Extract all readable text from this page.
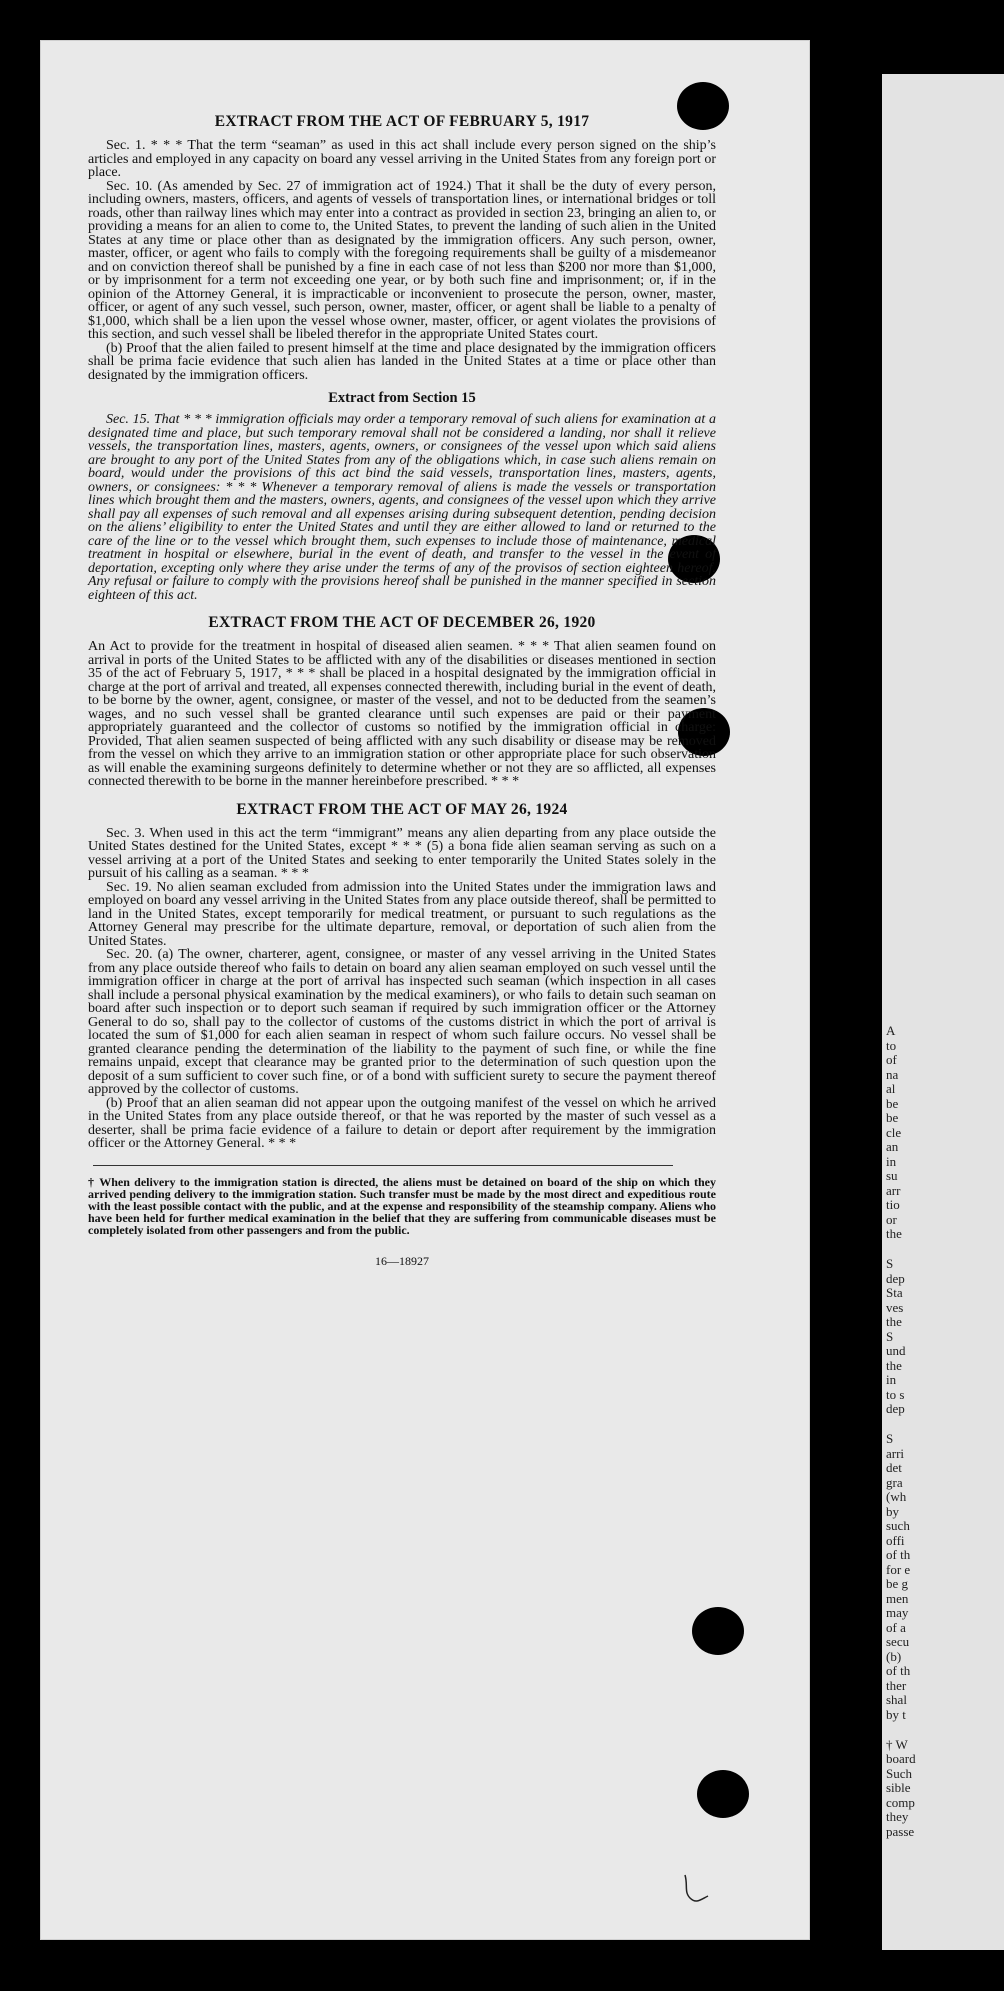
A
to
of
na
al
be
be
cle
an
in
su
arr
tio
or
the
S
dep
Sta
ves
the
S
und
the
in
to s
dep
S
arri
det
gra
(wh
by
such
offi
of th
for e
be g
men
may
of a
secu
(b)
of th
ther
shal
by t
† W
board
Such
sible
comp
they
passe
EXTRACT FROM THE ACT OF FEBRUARY 5, 1917

Sec. 1. * * * That the term “seaman” as used in this act shall include every person signed on the ship’s articles and employed in any capacity on board any vessel arriving in the United States from any foreign port or place.

Sec. 10. (As amended by Sec. 27 of immigration act of 1924.) That it shall be the duty of every person, including owners, masters, officers, and agents of vessels of transportation lines, or international bridges or toll roads, other than railway lines which may enter into a contract as provided in section 23, bringing an alien to, or providing a means for an alien to come to, the United States, to prevent the landing of such alien in the United States at any time or place other than as designated by the immigration officers. Any such person, owner, master, officer, or agent who fails to comply with the foregoing requirements shall be guilty of a misdemeanor and on conviction thereof shall be punished by a fine in each case of not less than $200 nor more than $1,000, or by imprisonment for a term not exceeding one year, or by both such fine and imprisonment; or, if in the opinion of the Attorney General, it is impracticable or inconvenient to prosecute the person, owner, master, officer, or agent of any such vessel, such person, owner, master, officer, or agent shall be liable to a penalty of $1,000, which shall be a lien upon the vessel whose owner, master, officer, or agent violates the provisions of this section, and such vessel shall be libeled therefor in the appropriate United States court.

(b) Proof that the alien failed to present himself at the time and place designated by the immigration officers shall be prima facie evidence that such alien has landed in the United States at a time or place other than designated by the immigration officers.

Extract from Section 15

Sec. 15. That * * * immigration officials may order a temporary removal of such aliens for examination at a designated time and place, but such temporary removal shall not be considered a landing, nor shall it relieve vessels, the transportation lines, masters, agents, owners, or consignees of the vessel upon which said aliens are brought to any port of the United States from any of the obligations which, in case such aliens remain on board, would under the provisions of this act bind the said vessels, transportation lines, masters, agents, owners, or consignees: * * * Whenever a temporary removal of aliens is made the vessels or transportation lines which brought them and the masters, owners, agents, and consignees of the vessel upon which they arrive shall pay all expenses of such removal and all expenses arising during subsequent detention, pending decision on the aliens’ eligibility to enter the United States and until they are either allowed to land or returned to the care of the line or to the vessel which brought them, such expenses to include those of maintenance, medical treatment in hospital or elsewhere, burial in the event of death, and transfer to the vessel in the event of deportation, excepting only where they arise under the terms of any of the provisos of section eighteen hereof. Any refusal or failure to comply with the provisions hereof shall be punished in the manner specified in section eighteen of this act.

EXTRACT FROM THE ACT OF DECEMBER 26, 1920

An Act to provide for the treatment in hospital of diseased alien seamen. * * * That alien seamen found on arrival in ports of the United States to be afflicted with any of the disabilities or diseases mentioned in section 35 of the act of February 5, 1917, * * * shall be placed in a hospital designated by the immigration official in charge at the port of arrival and treated, all expenses connected therewith, including burial in the event of death, to be borne by the owner, agent, consignee, or master of the vessel, and not to be deducted from the seamen’s wages, and no such vessel shall be granted clearance until such expenses are paid or their payment appropriately guaranteed and the collector of customs so notified by the immigration official in charge: Provided, That alien seamen suspected of being afflicted with any such disability or disease may be removed from the vessel on which they arrive to an immigration station or other appropriate place for such observation as will enable the examining surgeons definitely to determine whether or not they are so afflicted, all expenses connected therewith to be borne in the manner hereinbefore prescribed. * * *

EXTRACT FROM THE ACT OF MAY 26, 1924

Sec. 3. When used in this act the term “immigrant” means any alien departing from any place outside the United States destined for the United States, except * * * (5) a bona fide alien seaman serving as such on a vessel arriving at a port of the United States and seeking to enter temporarily the United States solely in the pursuit of his calling as a seaman. * * *

Sec. 19. No alien seaman excluded from admission into the United States under the immigration laws and employed on board any vessel arriving in the United States from any place outside thereof, shall be permitted to land in the United States, except temporarily for medical treatment, or pursuant to such regulations as the Attorney General may prescribe for the ultimate departure, removal, or deportation of such alien from the United States.

Sec. 20. (a) The owner, charterer, agent, consignee, or master of any vessel arriving in the United States from any place outside thereof who fails to detain on board any alien seaman employed on such vessel until the immigration officer in charge at the port of arrival has inspected such seaman (which inspection in all cases shall include a personal physical examination by the medical examiners), or who fails to detain such seaman on board after such inspection or to deport such seaman if required by such immigration officer or the Attorney General to do so, shall pay to the collector of customs of the customs district in which the port of arrival is located the sum of $1,000 for each alien seaman in respect of whom such failure occurs. No vessel shall be granted clearance pending the determination of the liability to the payment of such fine, or while the fine remains unpaid, except that clearance may be granted prior to the determination of such question upon the deposit of a sum sufficient to cover such fine, or of a bond with sufficient surety to secure the payment thereof approved by the collector of customs.

(b) Proof that an alien seaman did not appear upon the outgoing manifest of the vessel on which he arrived in the United States from any place outside thereof, or that he was reported by the master of such vessel as a deserter, shall be prima facie evidence of a failure to detain or deport after requirement by the immigration officer or the Attorney General. * * *

† When delivery to the immigration station is directed, the aliens must be detained on board of the ship on which they arrived pending delivery to the immigration station. Such transfer must be made by the most direct and expeditious route with the least possible contact with the public, and at the expense and responsibility of the steamship company. Aliens who have been held for further medical examination in the belief that they are suffering from communicable diseases must be completely isolated from other passengers and from the public.

16—18927
